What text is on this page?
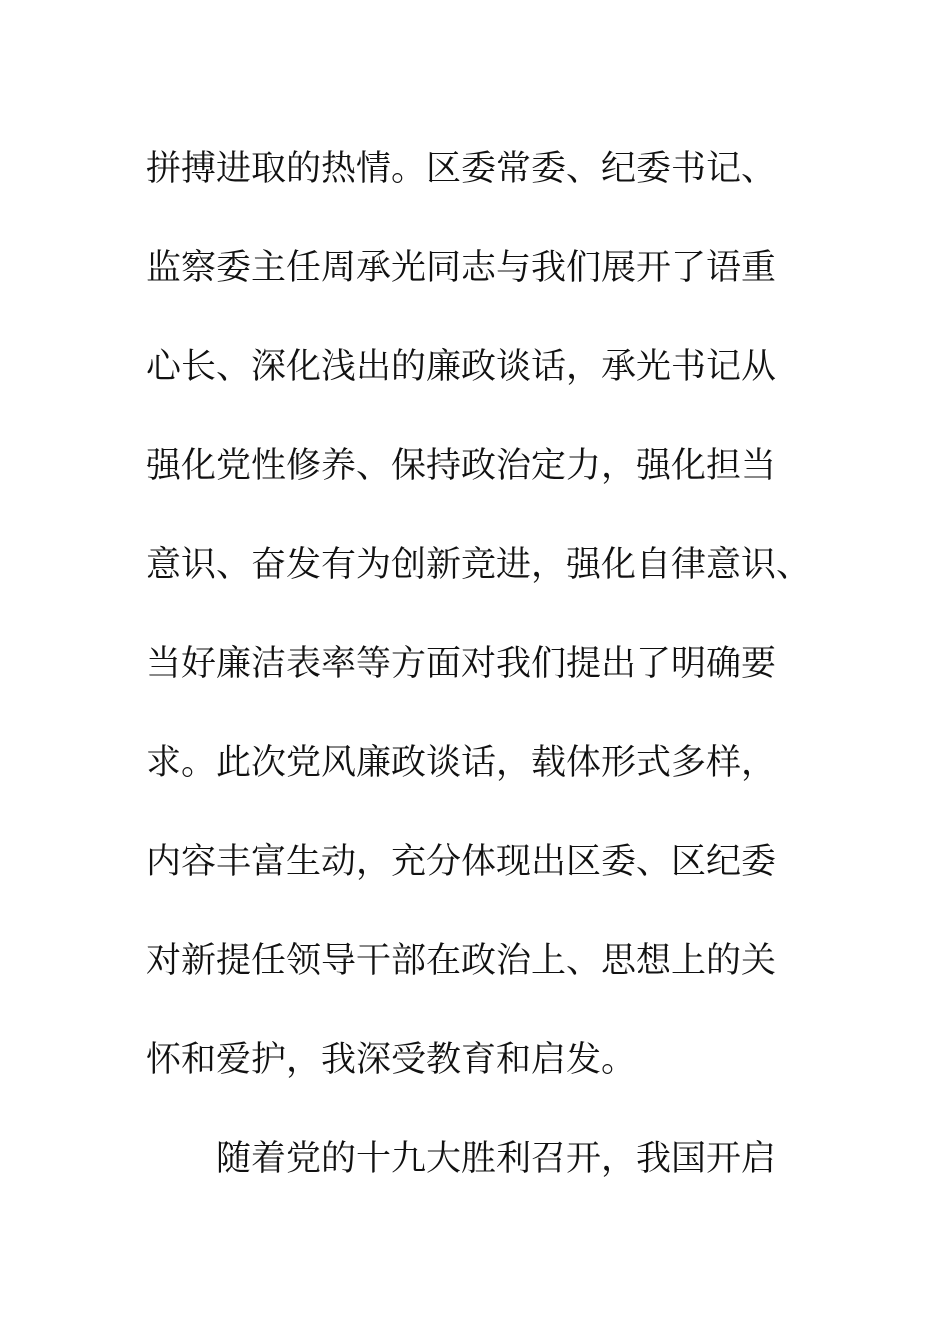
拼搏进取的热情。区委常委、纪委书记、
监察委主任周承光同志与我们展开了语重
心长、深化浅出的廉政谈话，承光书记从
强化党性修养、保持政治定力，强化担当
意识、奋发有为创新竞进，强化自律意识、
当好廉洁表率等方面对我们提出了明确要
求。此次党风廉政谈话，载体形式多样，
内容丰富生动，充分体现出区委、区纪委
对新提任领导干部在政治上、思想上的关
怀和爱护，我深受教育和启发。
随着党的十九大胜利召开，我国开启
